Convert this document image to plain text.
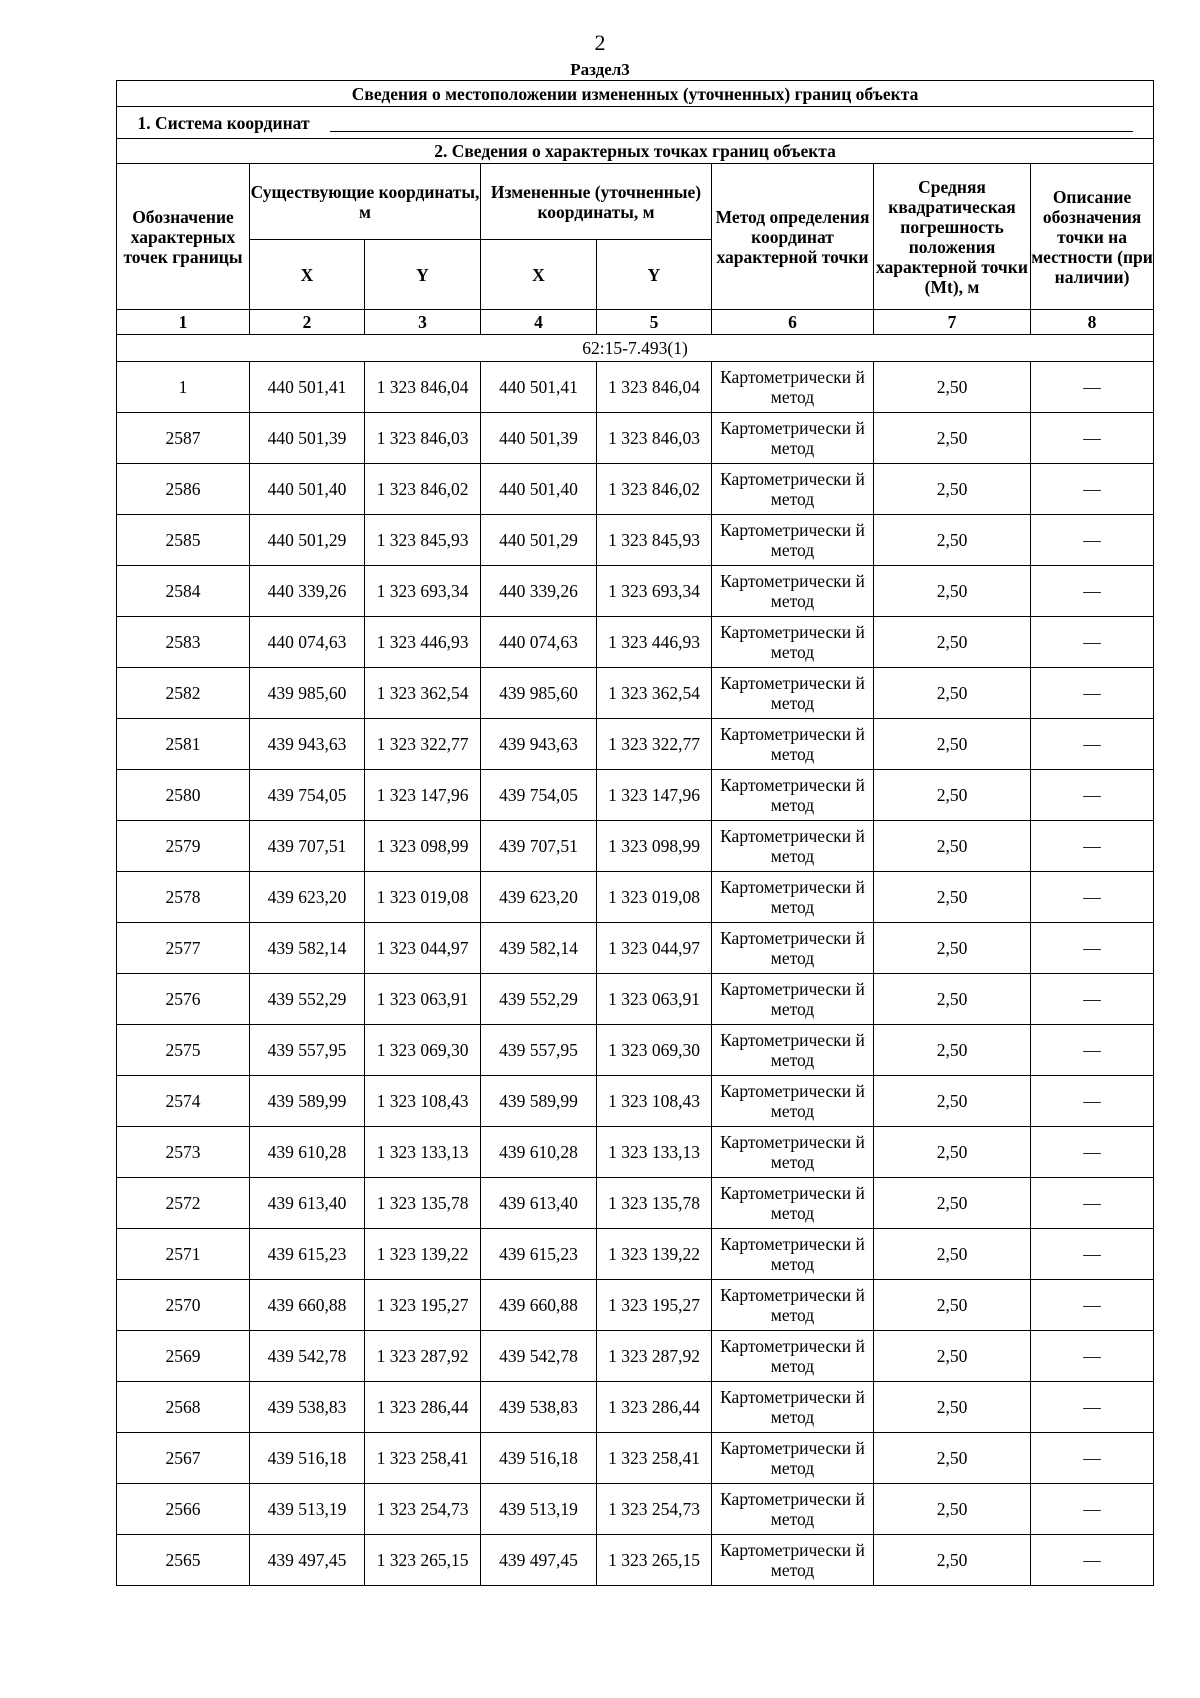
2
Раздел3
Сведения о местоположении измененных (уточненных) границ объекта							
1. Система координат							
2. Сведения о характерных точках границ объекта							
Обозначение характерных точек границы	Существующие координаты, м		Измененные (уточненные) координаты, м		Метод определения координат характерной точки	Средняя квадратическая погрешность положения характерной точки (Mt), м	Описание обозначения точки на местности (при наличии)
	X	Y	X	Y			
1	2	3	4	5	6	7	8
62:15-7.493(1)							
1	440 501,41	1 323 846,04	440 501,41	1 323 846,04	Картометрически й метод	2,50	—
2587	440 501,39	1 323 846,03	440 501,39	1 323 846,03	Картометрически й метод	2,50	—
2586	440 501,40	1 323 846,02	440 501,40	1 323 846,02	Картометрически й метод	2,50	—
2585	440 501,29	1 323 845,93	440 501,29	1 323 845,93	Картометрически й метод	2,50	—
2584	440 339,26	1 323 693,34	440 339,26	1 323 693,34	Картометрически й метод	2,50	—
2583	440 074,63	1 323 446,93	440 074,63	1 323 446,93	Картометрически й метод	2,50	—
2582	439 985,60	1 323 362,54	439 985,60	1 323 362,54	Картометрически й метод	2,50	—
2581	439 943,63	1 323 322,77	439 943,63	1 323 322,77	Картометрически й метод	2,50	—
2580	439 754,05	1 323 147,96	439 754,05	1 323 147,96	Картометрически й метод	2,50	—
2579	439 707,51	1 323 098,99	439 707,51	1 323 098,99	Картометрически й метод	2,50	—
2578	439 623,20	1 323 019,08	439 623,20	1 323 019,08	Картометрически й метод	2,50	—
2577	439 582,14	1 323 044,97	439 582,14	1 323 044,97	Картометрически й метод	2,50	—
2576	439 552,29	1 323 063,91	439 552,29	1 323 063,91	Картометрически й метод	2,50	—
2575	439 557,95	1 323 069,30	439 557,95	1 323 069,30	Картометрически й метод	2,50	—
2574	439 589,99	1 323 108,43	439 589,99	1 323 108,43	Картометрически й метод	2,50	—
2573	439 610,28	1 323 133,13	439 610,28	1 323 133,13	Картометрически й метод	2,50	—
2572	439 613,40	1 323 135,78	439 613,40	1 323 135,78	Картометрически й метод	2,50	—
2571	439 615,23	1 323 139,22	439 615,23	1 323 139,22	Картометрически й метод	2,50	—
2570	439 660,88	1 323 195,27	439 660,88	1 323 195,27	Картометрически й метод	2,50	—
2569	439 542,78	1 323 287,92	439 542,78	1 323 287,92	Картометрически й метод	2,50	—
2568	439 538,83	1 323 286,44	439 538,83	1 323 286,44	Картометрически й метод	2,50	—
2567	439 516,18	1 323 258,41	439 516,18	1 323 258,41	Картометрически й метод	2,50	—
2566	439 513,19	1 323 254,73	439 513,19	1 323 254,73	Картометрически й метод	2,50	—
2565	439 497,45	1 323 265,15	439 497,45	1 323 265,15	Картометрически й метод	2,50	—
